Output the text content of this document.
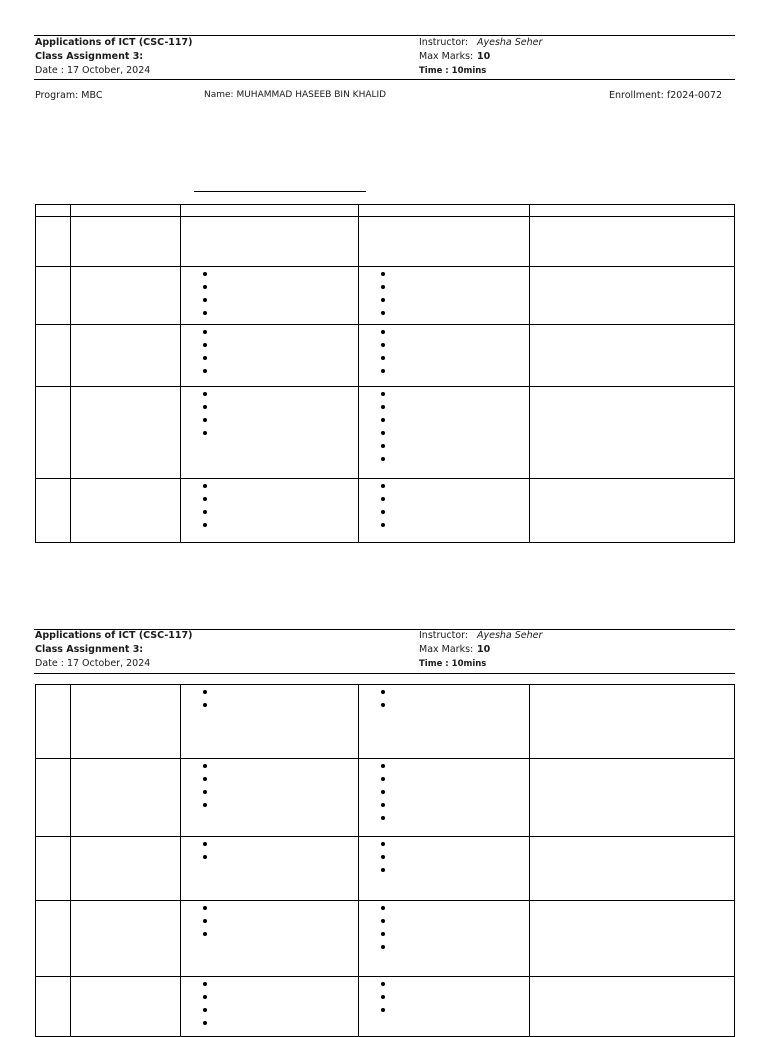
Applications of ICT (CSC-117)
Class Assignment 3:
Date : 17 October, 2024
Instructor: Ayesha Seher
Max Marks: 10
Time : 10mins
Program: MBC	Name: MUHAMMAD HASEEB BIN KHALID	Enrollment: f2024-0072

Applications of ICT (CSC-117)
Class Assignment 3:
Date : 17 October, 2024
Instructor: Ayesha Seher
Max Marks: 10
Time : 10mins
